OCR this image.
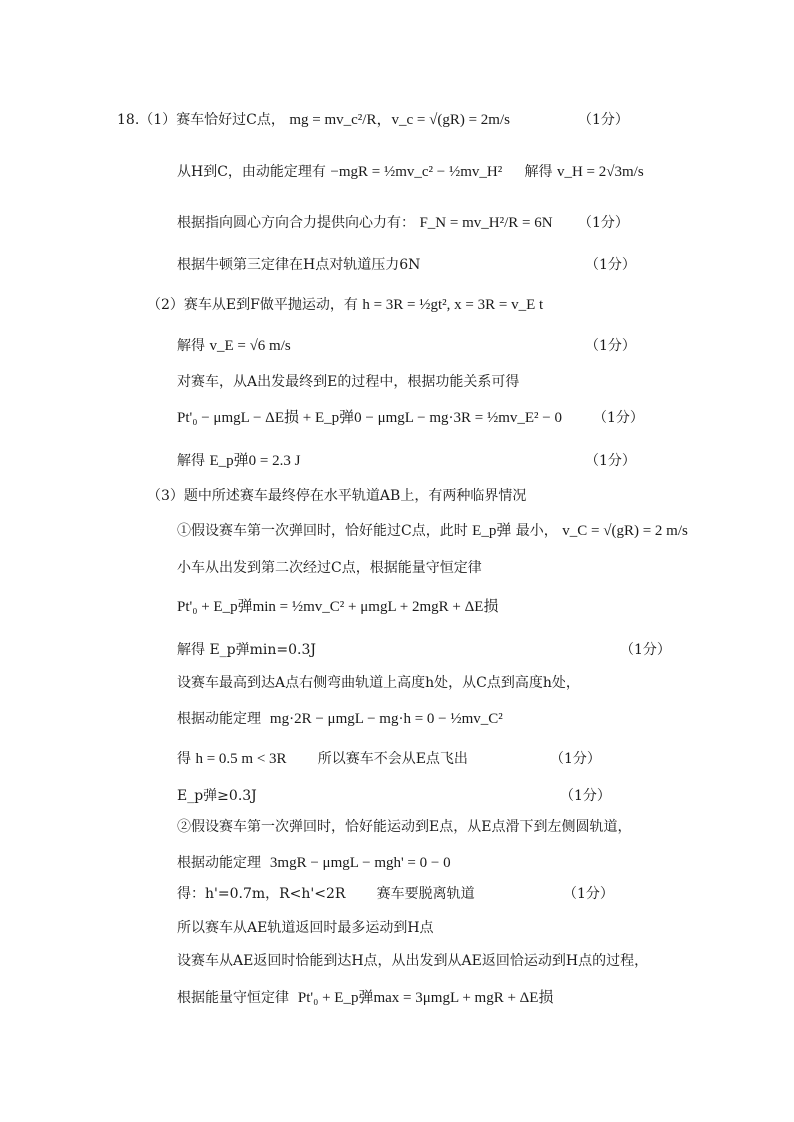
18.（1）赛车恰好过C点， mg = mv_c²/R，v_c = √(gR) = 2m/s	（1分）
从H到C，由动能定理有 −mgR = ½mv_c² − ½mv_H² 解得 v_H = 2√3m/s
根据指向圆心方向合力提供向心力有： F_N = mv_H²/R = 6N （1分）
根据牛顿第三定律在H点对轨道压力6N	（1分）
（2）赛车从E到F做平抛运动，有 h = 3R = ½gt², x = 3R = v_E t
解得 v_E = √6 m/s	（1分）
对赛车，从A出发最终到E的过程中，根据功能关系可得
Pt'₀ − μmgL − ΔE损 + E_p弹0 − μmgL − mg·3R = ½mv_E² − 0 （1分）
解得 E_p弹0 = 2.3 J	（1分）
（3）题中所述赛车最终停在水平轨道AB上，有两种临界情况
①假设赛车第一次弹回时，恰好能过C点，此时 E_p弹 最小， v_C = √(gR) = 2 m/s
小车从出发到第二次经过C点，根据能量守恒定律
Pt'₀ + E_p弹min = ½mv_C² + μmgL + 2mgR + ΔE损
解得 E_p弹min=0.3J	（1分）
设赛车最高到达A点右侧弯曲轨道上高度h处，从C点到高度h处，
根据动能定理 mg·2R − μmgL − mg·h = 0 − ½mv_C²
得 h = 0.5 m < 3R 所以赛车不会从E点飞出	（1分）
E_p弹≥0.3J	（1分）
②假设赛车第一次弹回时，恰好能运动到E点，从E点滑下到左侧圆轨道，
根据动能定理 3mgR − μmgL − mgh' = 0 − 0
得：h'=0.7m，R<h'<2R 赛车要脱离轨道	（1分）
所以赛车从AE轨道返回时最多运动到H点
设赛车从AE返回时恰能到达H点，从出发到从AE返回恰运动到H点的过程，
根据能量守恒定律 Pt'₀ + E_p弹max = 3μmgL + mgR + ΔE损
